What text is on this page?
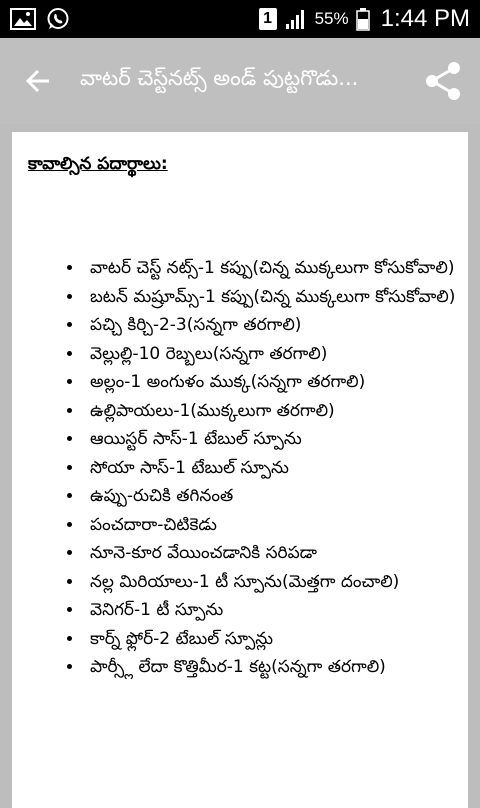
1	55% 1:44 PM
వాటర్ చెస్ట్‌నట్స్ అండ్ పుట్టగొడు...
కావాల్సిన పదార్థాలు:
• వాటర్ చెస్ట్ నట్స్-1 కప్పు(చిన్న ముక్కలుగా కోసుకోవాలి)
• బటన్ మష్రూమ్స్-1 కప్పు(చిన్న ముక్కలుగా కోసుకోవాలి)
• పచ్చి కిర్చి-2-3(సన్నగా తరగాలి)
• వెల్లుల్లి-10 రెబ్బలు(సన్నగా తరగాలి)
• అల్లం-1 అంగుళం ముక్క(సన్నగా తరగాలి)
• ఉల్లిపాయలు-1(ముక్కలుగా తరగాలి)
• ఆయిస్టర్ సాస్-1 టేబుల్ స్పూను
• సోయా సాస్-1 టేబుల్ స్పూను
• ఉప్పు-రుచికి తగినంత
• పంచదారా-చిటికెడు
• నూనె-కూర వేయించడానికి సరిపడా
• నల్ల మిరియాలు-1 టీ స్పూను(మెత్తగా దంచాలి)
• వెనిగర్-1 టీ స్పూను
• కార్న్ ఫ్లోర్-2 టేబుల్ స్పూన్లు
• పార్స్లీ లేదా కొత్తిమీర-1 కట్ట(సన్నగా తరగాలి)
